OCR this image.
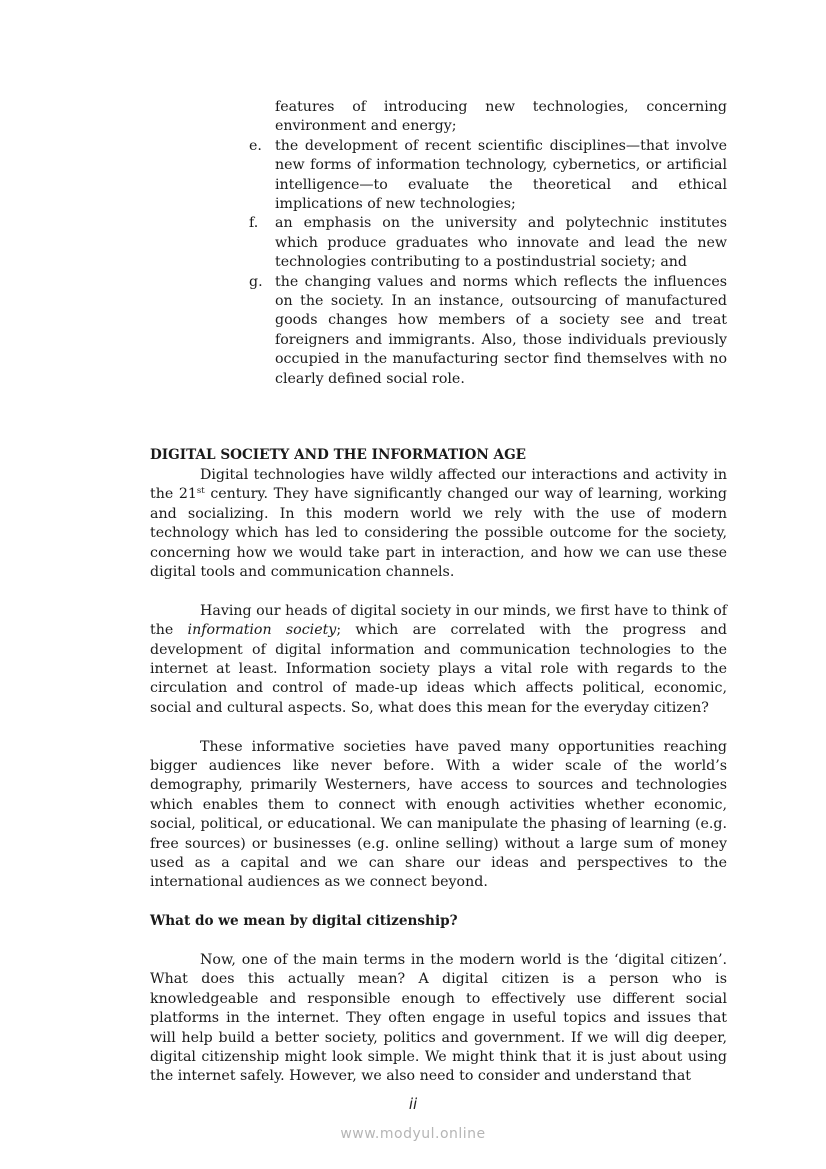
features of introducing new technologies, concerning environment and energy;

e. the development of recent scientific disciplines—that involve new forms of information technology, cybernetics, or artificial intelligence—to evaluate the theoretical and ethical implications of new technologies;
f. an emphasis on the university and polytechnic institutes which produce graduates who innovate and lead the new technologies contributing to a postindustrial society; and
g. the changing values and norms which reflects the influences on the society. In an instance, outsourcing of manufactured goods changes how members of a society see and treat foreigners and immigrants. Also, those individuals previously occupied in the manufacturing sector find themselves with no clearly defined social role.
DIGITAL SOCIETY AND THE INFORMATION AGE

Digital technologies have wildly affected our interactions and activity in the 21st century. They have significantly changed our way of learning, working and socializing. In this modern world we rely with the use of modern technology which has led to considering the possible outcome for the society, concerning how we would take part in interaction, and how we can use these digital tools and communication channels.

Having our heads of digital society in our minds, we first have to think of the information society; which are correlated with the progress and development of digital information and communication technologies to the internet at least. Information society plays a vital role with regards to the circulation and control of made-up ideas which affects political, economic, social and cultural aspects. So, what does this mean for the everyday citizen?

These informative societies have paved many opportunities reaching bigger audiences like never before. With a wider scale of the world’s demography, primarily Westerners, have access to sources and technologies which enables them to connect with enough activities whether economic, social, political, or educational. We can manipulate the phasing of learning (e.g. free sources) or businesses (e.g. online selling) without a large sum of money used as a capital and we can share our ideas and perspectives to the international audiences as we connect beyond.

What do we mean by digital citizenship?

Now, one of the main terms in the modern world is the ‘digital citizen’. What does this actually mean? A digital citizen is a person who is knowledgeable and responsible enough to effectively use different social platforms in the internet. They often engage in useful topics and issues that will help build a better society, politics and government. If we will dig deeper, digital citizenship might look simple. We might think that it is just about using the internet safely. However, we also need to consider and understand that

ii
www.modyul.online
